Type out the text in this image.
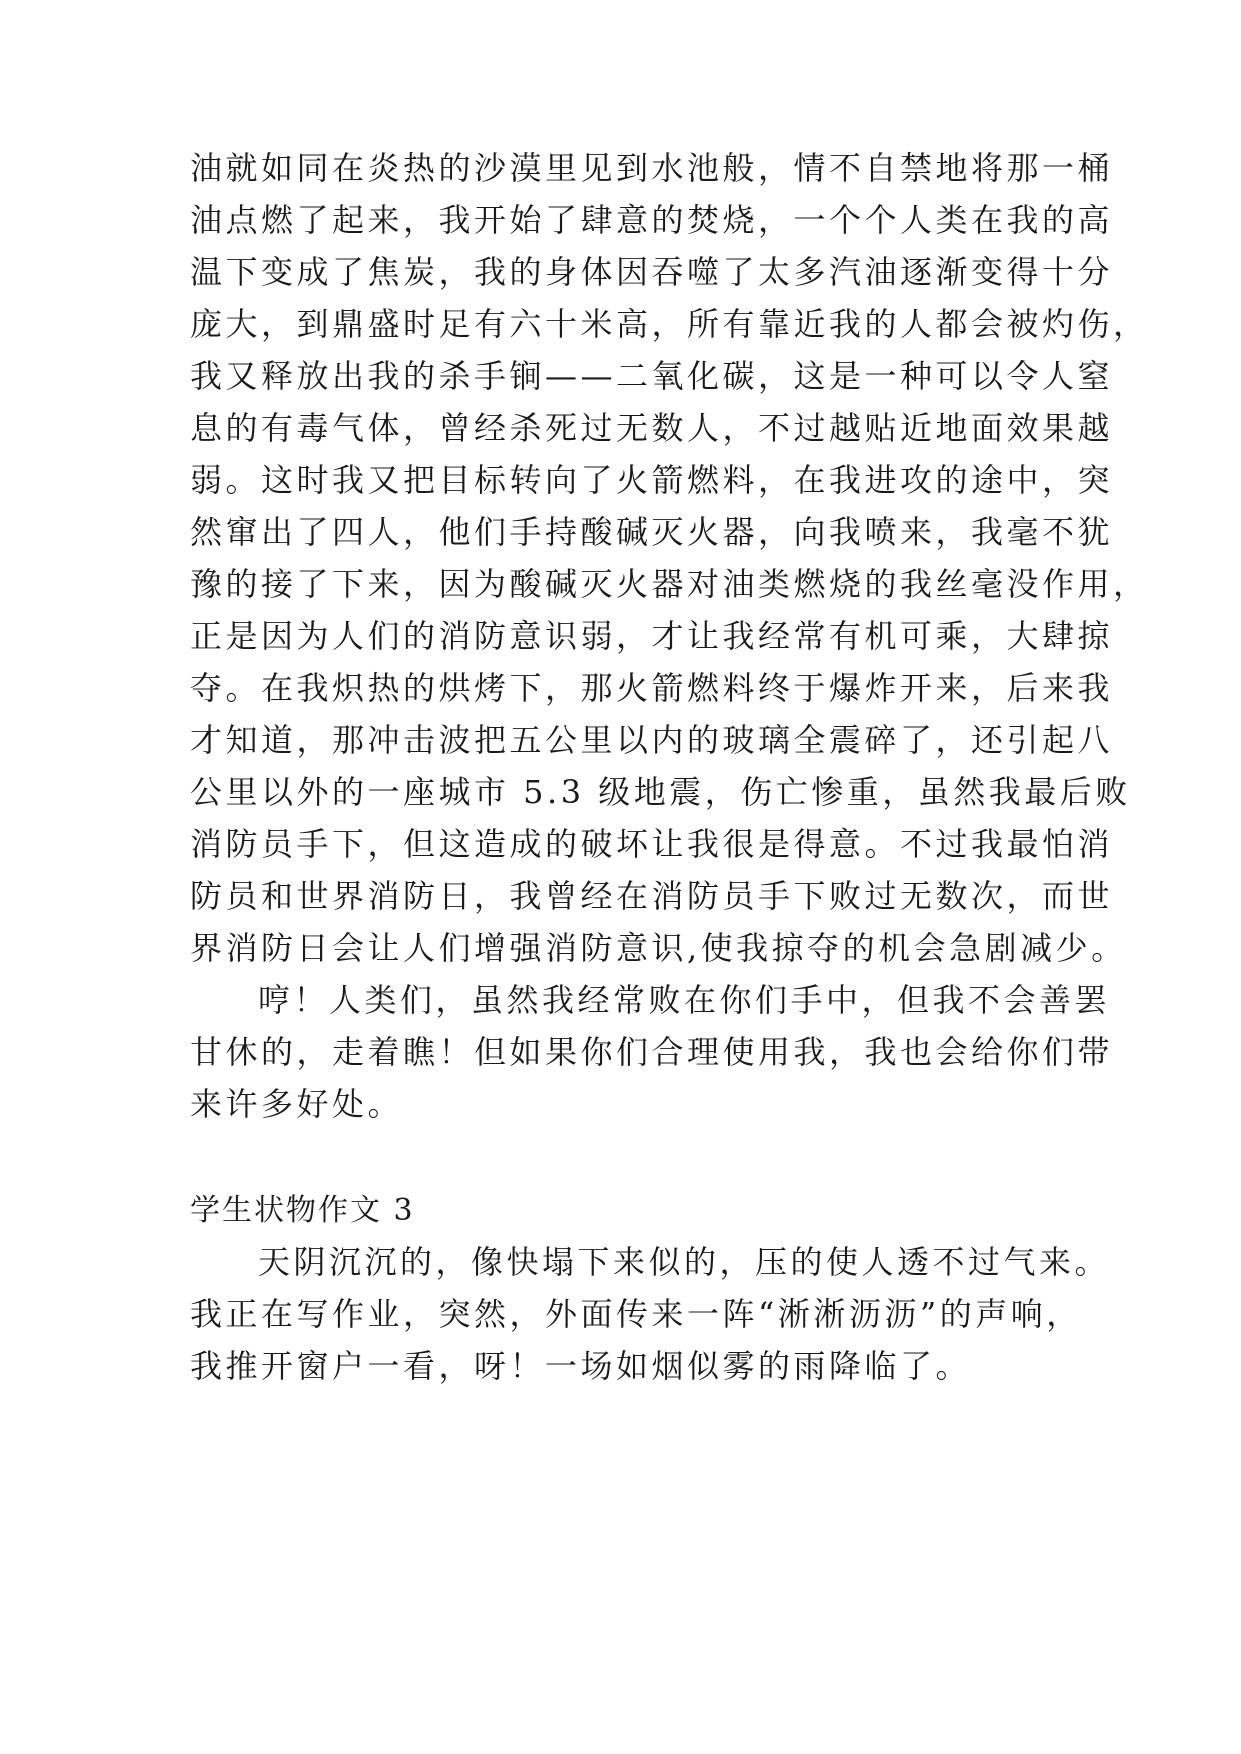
油就如同在炎热的沙漠里见到水池般，情不自禁地将那一桶
油点燃了起来，我开始了肆意的焚烧，一个个人类在我的高
温下变成了焦炭，我的身体因吞噬了太多汽油逐渐变得十分
庞大，到鼎盛时足有六十米高，所有靠近我的人都会被灼伤，
我又释放出我的杀手锏——二氧化碳，这是一种可以令人窒
息的有毒气体，曾经杀死过无数人，不过越贴近地面效果越
弱。这时我又把目标转向了火箭燃料，在我进攻的途中，突
然窜出了四人，他们手持酸碱灭火器，向我喷来，我毫不犹
豫的接了下来，因为酸碱灭火器对油类燃烧的我丝毫没作用，
正是因为人们的消防意识弱，才让我经常有机可乘，大肆掠
夺。在我炽热的烘烤下，那火箭燃料终于爆炸开来，后来我
才知道，那冲击波把五公里以内的玻璃全震碎了，还引起八
公里以外的一座城市 5.3 级地震，伤亡惨重，虽然我最后败
消防员手下，但这造成的破坏让我很是得意。不过我最怕消
防员和世界消防日，我曾经在消防员手下败过无数次，而世
界消防日会让人们增强消防意识,使我掠夺的机会急剧减少。
哼！人类们，虽然我经常败在你们手中，但我不会善罢
甘休的，走着瞧！但如果你们合理使用我，我也会给你们带
来许多好处。
学生状物作文 3
天阴沉沉的，像快塌下来似的，压的使人透不过气来。
我正在写作业，突然，外面传来一阵“淅淅沥沥”的声响，
我推开窗户一看，呀！一场如烟似雾的雨降临了。
